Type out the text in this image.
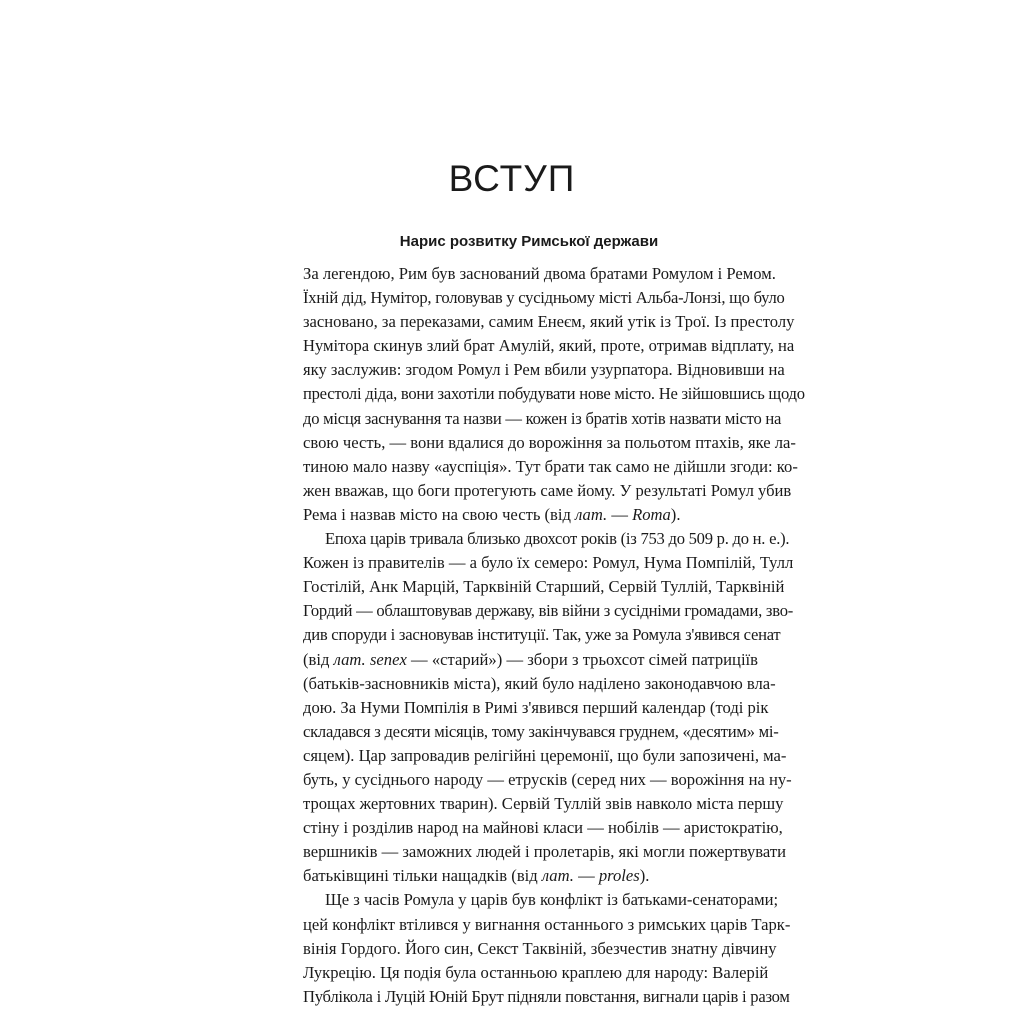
ВСТУП
Нарис розвитку Римської держави
За легендою, Рим був заснований двома братами Ромулом і Ремом.
Їхній дід, Нумітор, головував у сусідньому місті Альба-Лонзі, що було
засновано, за переказами, самим Енеєм, який утік із Трої. Із престолу
Нумітора скинув злий брат Амулій, який, проте, отримав відплату, на
яку заслужив: згодом Ромул і Рем вбили узурпатора. Відновивши на
престолі діда, вони захотіли побудувати нове місто. Не зійшовшись щодо
до місця заснування та назви — кожен із братів хотів назвати місто на
свою честь, — вони вдалися до ворожіння за польотом птахів, яке ла-
тиною мало назву «ауспіція». Тут брати так само не дійшли згоди: ко-
жен вважав, що боги протегують саме йому. У результаті Ромул убив
Рема і назвав місто на свою честь (від лат. — Roma).
Епоха царів тривала близько двохсот років (із 753 до 509 р. до н. е.).
Кожен із правителів — а було їх семеро: Ромул, Нума Помпілій, Тулл
Гостілій, Анк Марцій, Тарквіній Старший, Сервій Туллій, Тарквіній
Гордий — облаштовував державу, вів війни з сусідніми громадами, зво-
див споруди і засновував інституції. Так, уже за Ромула з'явився сенат
(від лат. senex — «старий») — збори з трьохсот сімей патриціїв
(батьків-засновників міста), який було наділено законодавчою вла-
дою. За Нуми Помпілія в Римі з'явився перший календар (тоді рік
складався з десяти місяців, тому закінчувався груднем, «десятим» мі-
сяцем). Цар запровадив релігійні церемонії, що були запозичені, ма-
буть, у сусіднього народу — етрусків (серед них — ворожіння на ну-
трощах жертовних тварин). Сервій Туллій звів навколо міста першу
стіну і розділив народ на майнові класи — нобілів — аристократію,
вершників — заможних людей і пролетарів, які могли пожертвувати
батьківщині тільки нащадків (від лат. — proles).
Ще з часів Ромула у царів був конфлікт із батьками-сенаторами;
цей конфлікт втілився у вигнання останнього з римських царів Тарк-
вінія Гордого. Його син, Секст Таквіній, збезчестив знатну дівчину
Лукрецію. Ця подія була останньою краплею для народу: Валерій
Публікола і Луцій Юній Брут підняли повстання, вигнали царів і разом
